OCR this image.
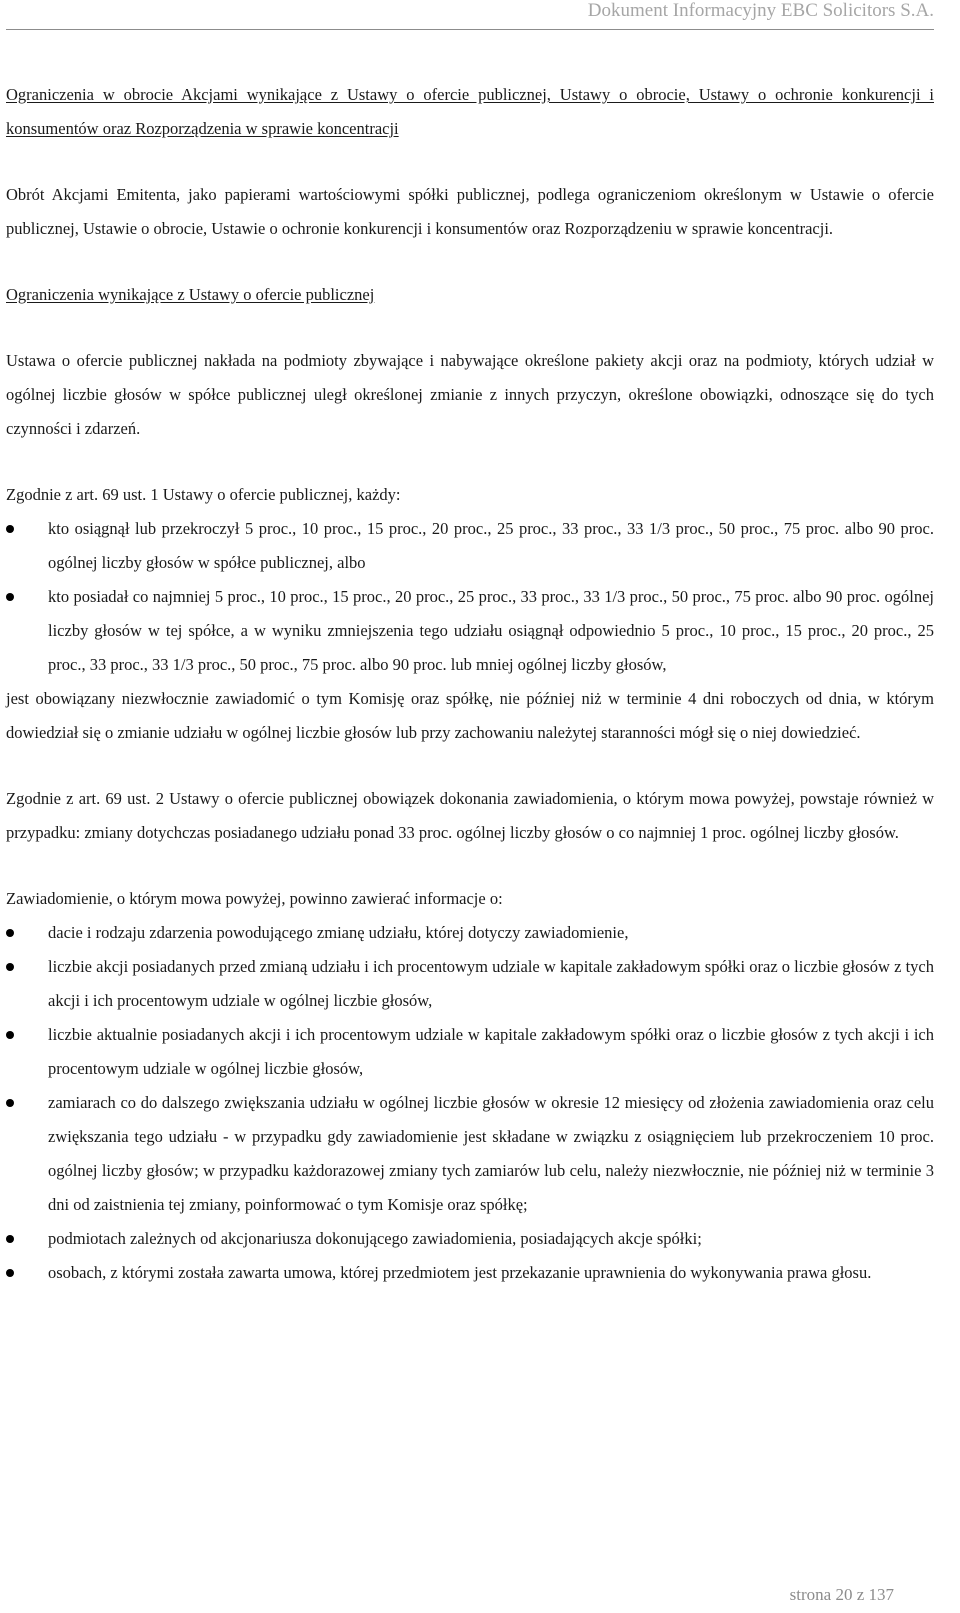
Dokument Informacyjny EBC Solicitors S.A.

Ograniczenia w obrocie Akcjami wynikające z Ustawy o ofercie publicznej, Ustawy o obrocie, Ustawy o ochronie konkurencji i konsumentów oraz Rozporządzenia w sprawie koncentracji

Obrót Akcjami Emitenta, jako papierami wartościowymi spółki publicznej, podlega ograniczeniom określonym w Ustawie o ofercie publicznej, Ustawie o obrocie, Ustawie o ochronie konkurencji i konsumentów oraz Rozporządzeniu w sprawie koncentracji.

Ograniczenia wynikające z Ustawy o ofercie publicznej

Ustawa o ofercie publicznej nakłada na podmioty zbywające i nabywające określone pakiety akcji oraz na podmioty, których udział w ogólnej liczbie głosów w spółce publicznej uległ określonej zmianie z innych przyczyn, określone obowiązki, odnoszące się do tych czynności i zdarzeń.

Zgodnie z art. 69 ust. 1 Ustawy o ofercie publicznej, każdy:

kto osiągnął lub przekroczył 5 proc., 10 proc., 15 proc., 20 proc., 25 proc., 33 proc., 33 1/3 proc., 50 proc., 75 proc. albo 90 proc. ogólnej liczby głosów w spółce publicznej, albo
kto posiadał co najmniej 5 proc., 10 proc., 15 proc., 20 proc., 25 proc., 33 proc., 33 1/3 proc., 50 proc., 75 proc. albo 90 proc. ogólnej liczby głosów w tej spółce, a w wyniku zmniejszenia tego udziału osiągnął odpowiednio 5 proc., 10 proc., 15 proc., 20 proc., 25 proc., 33 proc., 33 1/3 proc., 50 proc., 75 proc. albo 90 proc. lub mniej ogólnej liczby głosów,

jest obowiązany niezwłocznie zawiadomić o tym Komisję oraz spółkę, nie później niż w terminie 4 dni roboczych od dnia, w którym dowiedział się o zmianie udziału w ogólnej liczbie głosów lub przy zachowaniu należytej staranności mógł się o niej dowiedzieć.

Zgodnie z art. 69 ust. 2 Ustawy o ofercie publicznej obowiązek dokonania zawiadomienia, o którym mowa powyżej, powstaje również w przypadku: zmiany dotychczas posiadanego udziału ponad 33 proc. ogólnej liczby głosów o co najmniej 1 proc. ogólnej liczby głosów.

Zawiadomienie, o którym mowa powyżej, powinno zawierać informacje o:

dacie i rodzaju zdarzenia powodującego zmianę udziału, której dotyczy zawiadomienie,
liczbie akcji posiadanych przed zmianą udziału i ich procentowym udziale w kapitale zakładowym spółki oraz o liczbie głosów z tych akcji i ich procentowym udziale w ogólnej liczbie głosów,
liczbie aktualnie posiadanych akcji i ich procentowym udziale w kapitale zakładowym spółki oraz o liczbie głosów z tych akcji i ich procentowym udziale w ogólnej liczbie głosów,
zamiarach co do dalszego zwiększania udziału w ogólnej liczbie głosów w okresie 12 miesięcy od złożenia zawiadomienia oraz celu zwiększania tego udziału - w przypadku gdy zawiadomienie jest składane w związku z osiągnięciem lub przekroczeniem 10 proc. ogólnej liczby głosów; w przypadku każdorazowej zmiany tych zamiarów lub celu, należy niezwłocznie, nie później niż w terminie 3 dni od zaistnienia tej zmiany, poinformować o tym Komisje oraz spółkę;
podmiotach zależnych od akcjonariusza dokonującego zawiadomienia, posiadających akcje spółki;
osobach, z którymi została zawarta umowa, której przedmiotem jest przekazanie uprawnienia do wykonywania prawa głosu.
strona 20 z 137
